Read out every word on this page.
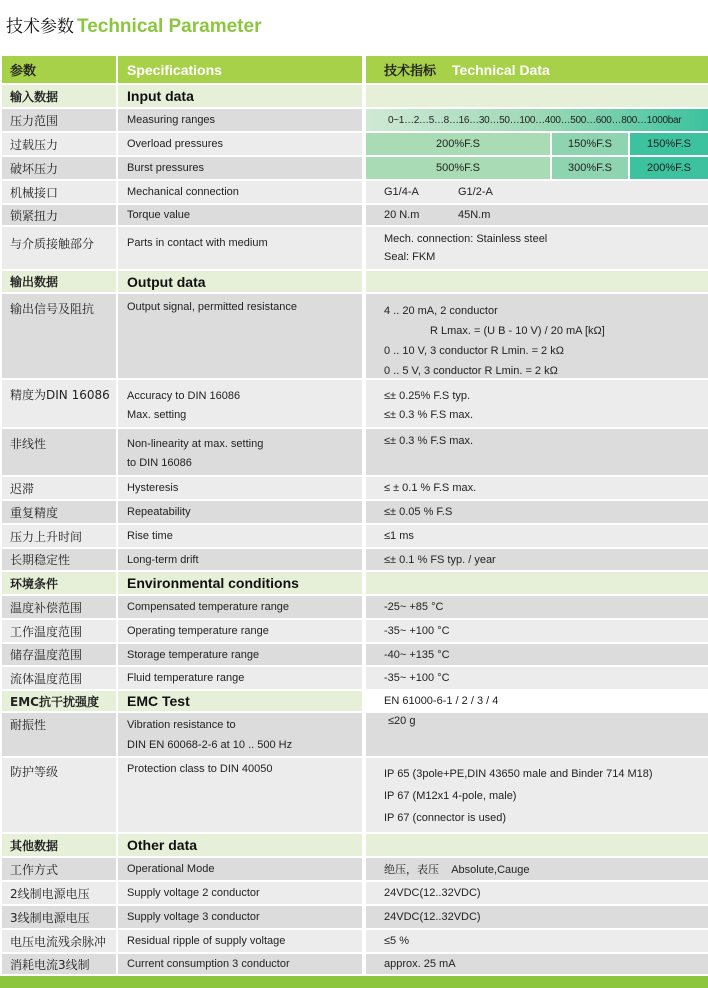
技术参数 Technical Parameter
参数	Specifications	技术指标 Technical Data
输入数据	Input data
压力范围	Measuring ranges	0~1…2…5…8…16…30…50…100…400…500…600…800…1000bar
过载压力	Overload pressures	200%F.S	150%F.S	150%F.S
破坏压力	Burst pressures	500%F.S	300%F.S	200%F.S
机械接口	Mechanical connection	G1/4-A	G1/2-A
锁紧扭力	Torque value	20 N.m	45N.m
与介质接触部分	Parts in contact with medium	Mech. connection: Stainless steel
Seal: FKM
输出数据	Output data
输出信号及阻抗	Output signal, permitted resistance	4 .. 20 mA, 2 conductor
R Lmax. = (U B - 10 V) / 20 mA [kΩ]
0 .. 10 V, 3 conductor R Lmin. = 2 kΩ
0 .. 5 V, 3 conductor R Lmin. = 2 kΩ
精度为DIN 16086	Accuracy to DIN 16086
Max. setting
≤± 0.25% F.S typ.
≤± 0.3 % F.S max.
非线性	Non-linearity at max. setting
to DIN 16086
≤± 0.3 % F.S max.
迟滞	Hysteresis	≤ ± 0.1 % F.S max.
重复精度	Repeatability	≤± 0.05 % F.S
压力上升时间	Rise time	≤1 ms
长期稳定性	Long-term drift	≤± 0.1 % FS typ. / year
环境条件	Environmental conditions
温度补偿范围	Compensated temperature range	-25~ +85 °C
工作温度范围	Operating temperature range	-35~ +100 °C
储存温度范围	Storage temperature range	-40~ +135 °C
流体温度范围	Fluid temperature range	-35~ +100 °C
EMC抗干扰强度	EMC Test	EN 61000-6-1 / 2 / 3 / 4
耐振性	Vibration resistance to
DIN EN 60068-2-6 at 10 .. 500 Hz
≤20 g
防护等级	Protection class to DIN 40050	IP 65 (3pole+PE,DIN 43650 male and Binder 714 M18)
IP 67 (M12x1 4-pole, male)
IP 67 (connector is used)
其他数据	Other data
工作方式	Operational Mode	绝压，表压    Absolute,Cauge
2线制电源电压	Supply voltage 2 conductor	24VDC(12..32VDC)
3线制电源电压	Supply voltage 3 conductor	24VDC(12..32VDC)
电压电流残余脉冲	Residual ripple of supply voltage	≤5 %
消耗电流3线制	Current consumption 3 conductor	approx. 25 mA
